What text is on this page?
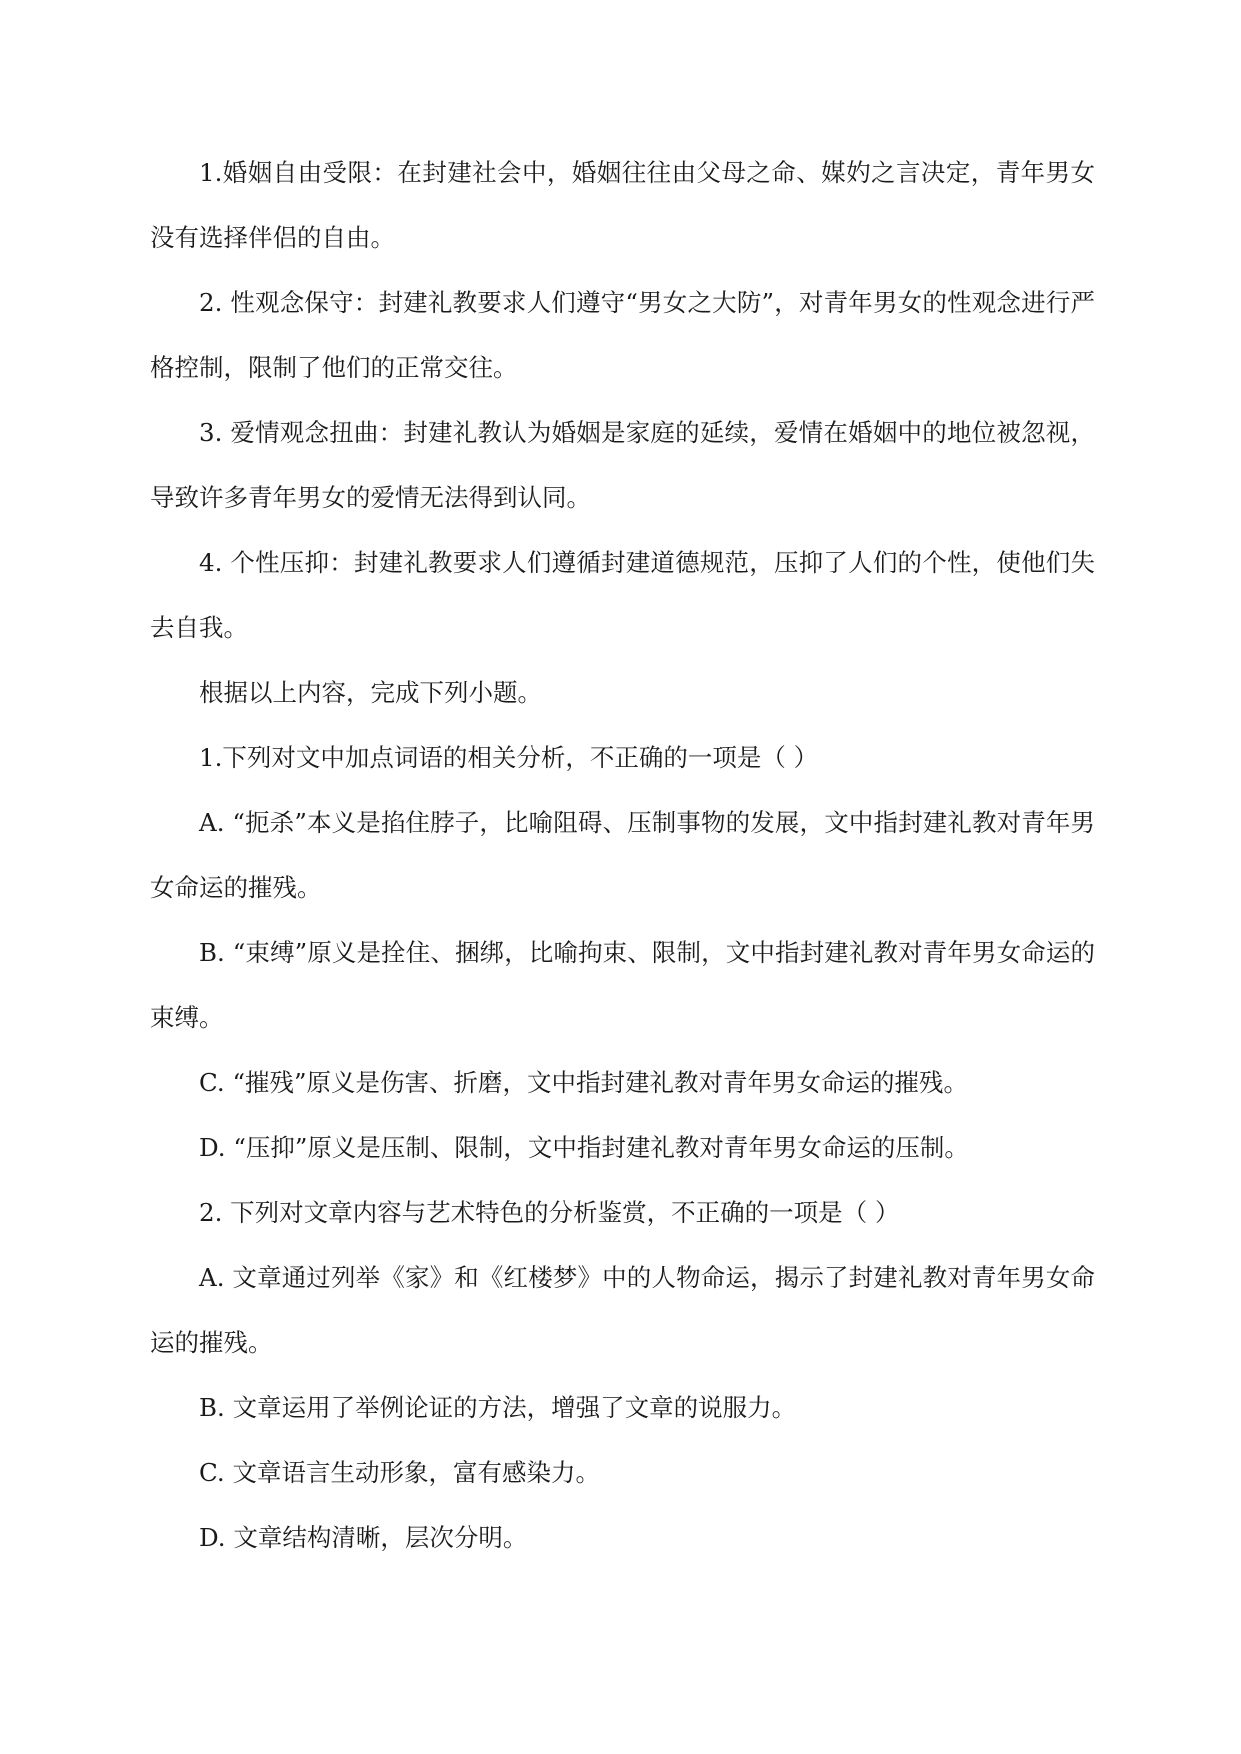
1.婚姻自由受限：在封建社会中，婚姻往往由父母之命、媒妁之言决定，青年男女没有选择伴侣的自由。

2. 性观念保守：封建礼教要求人们遵守“男女之大防”，对青年男女的性观念进行严格控制，限制了他们的正常交往。

3. 爱情观念扭曲：封建礼教认为婚姻是家庭的延续，爱情在婚姻中的地位被忽视，导致许多青年男女的爱情无法得到认同。

4. 个性压抑：封建礼教要求人们遵循封建道德规范，压抑了人们的个性，使他们失去自我。

根据以上内容，完成下列小题。

1.下列对文中加点词语的相关分析，不正确的一项是（ ）

A. “扼杀”本义是掐住脖子，比喻阻碍、压制事物的发展，文中指封建礼教对青年男女命运的摧残。

B. “束缚”原义是拴住、捆绑，比喻拘束、限制，文中指封建礼教对青年男女命运的束缚。

C. “摧残”原义是伤害、折磨，文中指封建礼教对青年男女命运的摧残。

D. “压抑”原义是压制、限制，文中指封建礼教对青年男女命运的压制。

2. 下列对文章内容与艺术特色的分析鉴赏，不正确的一项是（ ）

A. 文章通过列举《家》和《红楼梦》中的人物命运，揭示了封建礼教对青年男女命运的摧残。

B. 文章运用了举例论证的方法，增强了文章的说服力。

C. 文章语言生动形象，富有感染力。

D. 文章结构清晰，层次分明。
